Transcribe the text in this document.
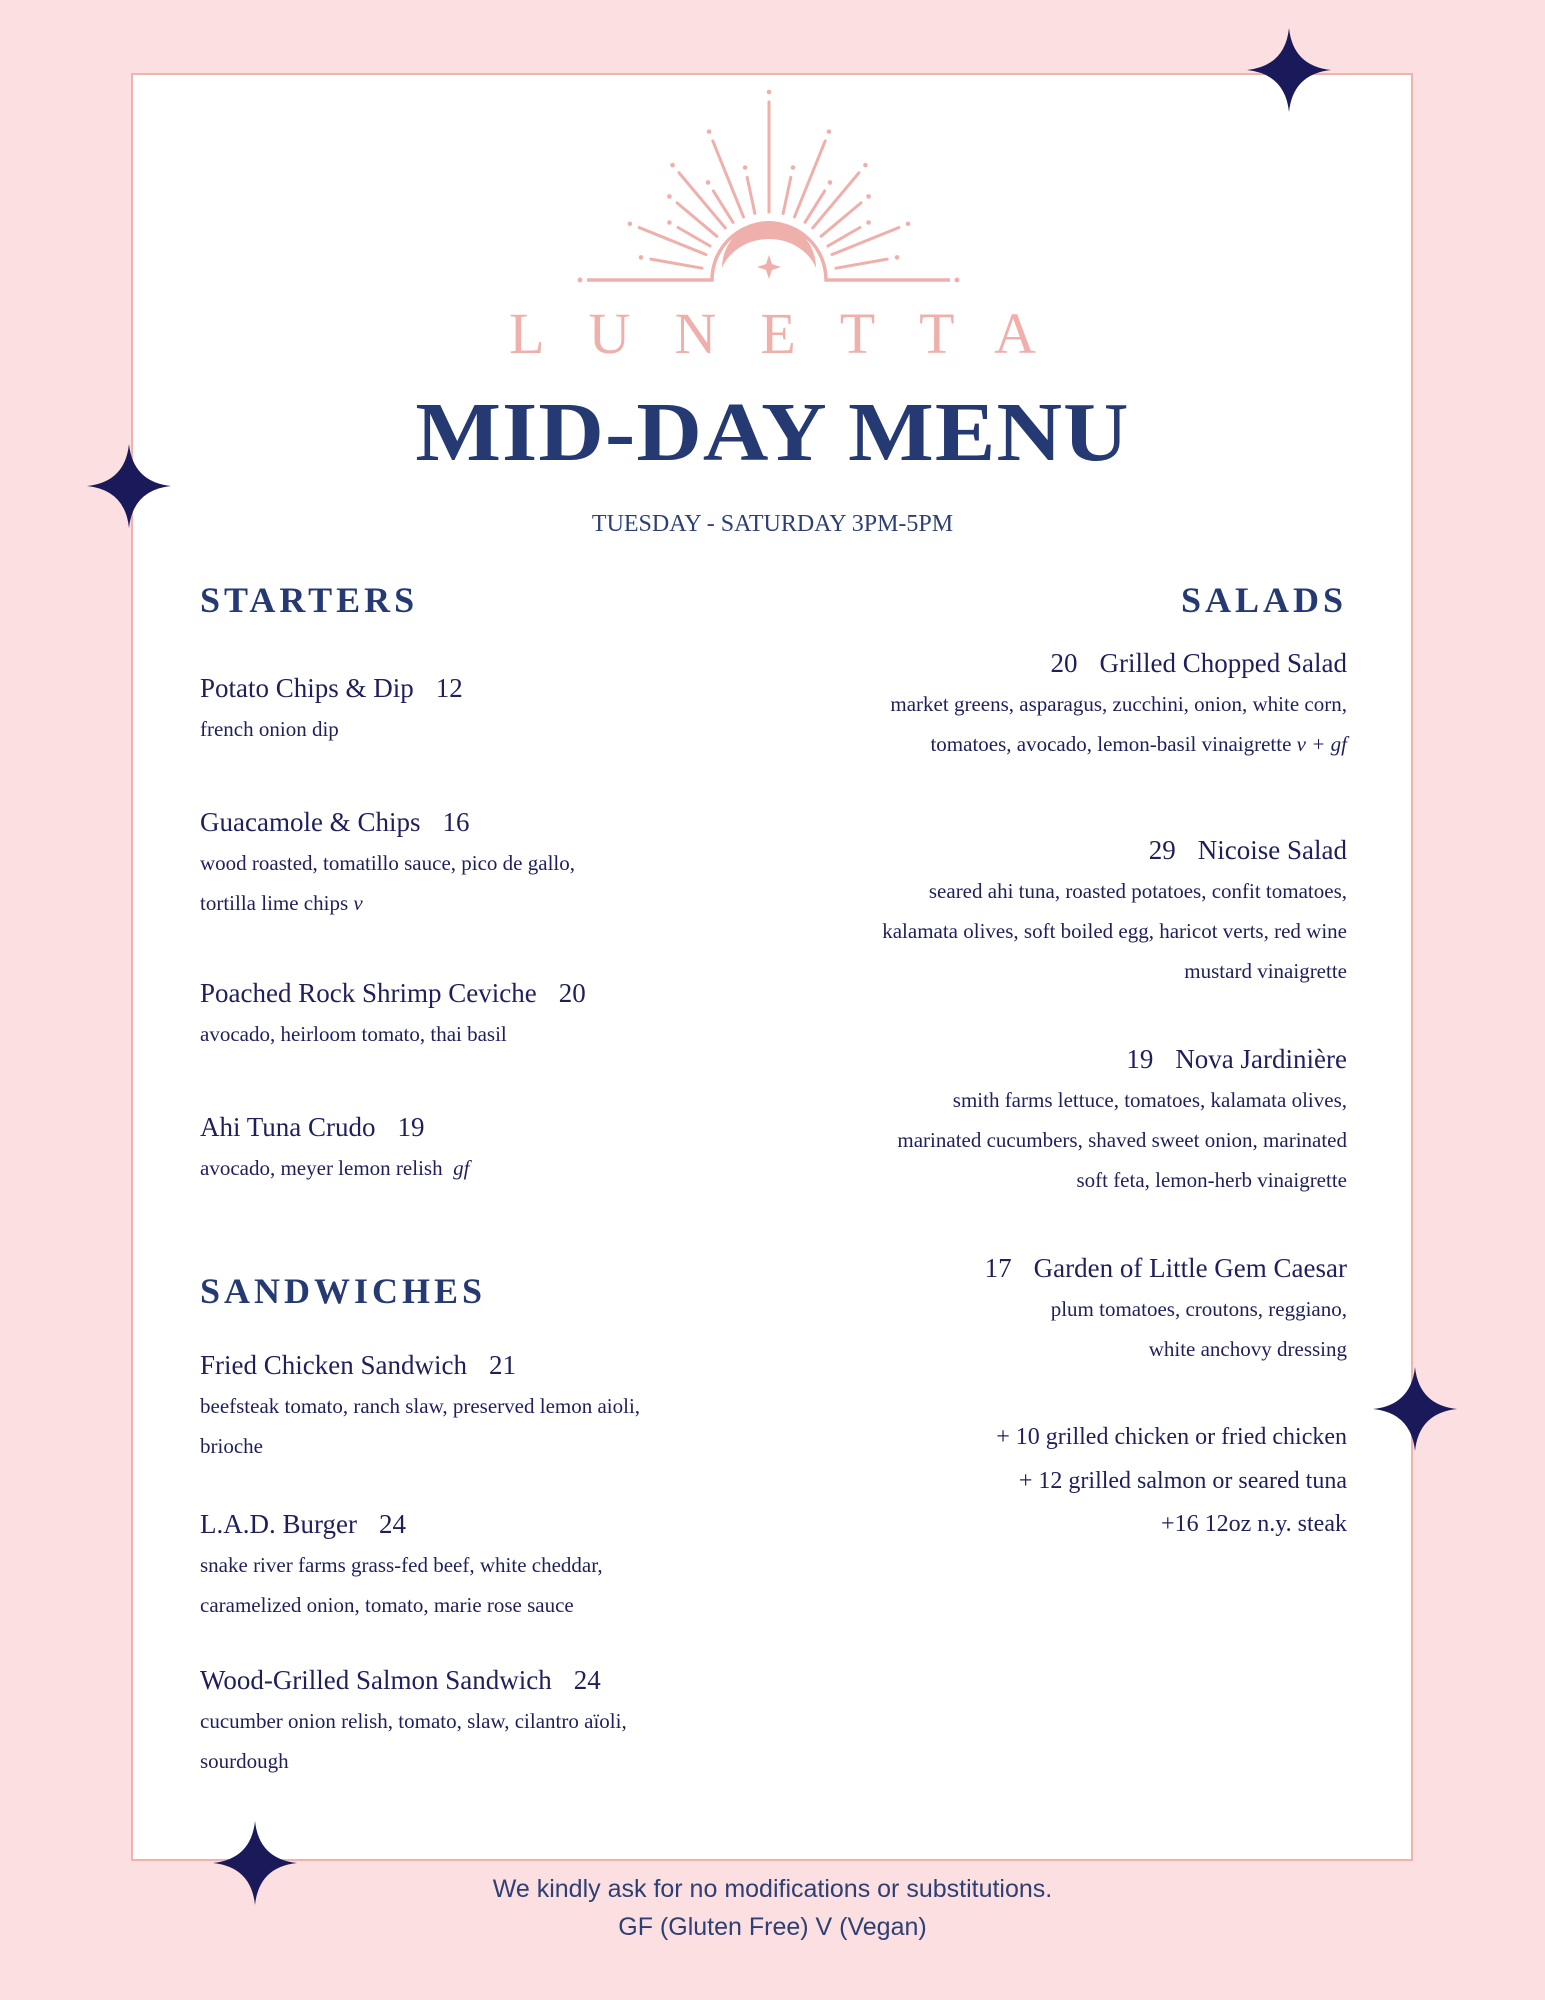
LUNETTA
MID-DAY MENU
TUESDAY - SATURDAY 3PM-5PM
STARTERS
Potato Chips & Dip 12
french onion dip
Guacamole & Chips 16
wood roasted, tomatillo sauce, pico de gallo,
tortilla lime chips v
Poached Rock Shrimp Ceviche 20
avocado, heirloom tomato, thai basil
Ahi Tuna Crudo 19
avocado, meyer lemon relish gf
SANDWICHES
Fried Chicken Sandwich 21
beefsteak tomato, ranch slaw, preserved lemon aioli,
brioche
L.A.D. Burger 24
snake river farms grass-fed beef, white cheddar,
caramelized onion, tomato, marie rose sauce
Wood-Grilled Salmon Sandwich 24
cucumber onion relish, tomato, slaw, cilantro aïoli,
sourdough
SALADS
20 Grilled Chopped Salad
market greens, asparagus, zucchini, onion, white corn,
tomatoes, avocado, lemon-basil vinaigrette v + gf
29 Nicoise Salad
seared ahi tuna, roasted potatoes, confit tomatoes,
kalamata olives, soft boiled egg, haricot verts, red wine
mustard vinaigrette
19 Nova Jardinière
smith farms lettuce, tomatoes, kalamata olives,
marinated cucumbers, shaved sweet onion, marinated
soft feta, lemon-herb vinaigrette
17 Garden of Little Gem Caesar
plum tomatoes, croutons, reggiano,
white anchovy dressing
+ 10 grilled chicken or fried chicken
+ 12 grilled salmon or seared tuna
+16 12oz n.y. steak
We kindly ask for no modifications or substitutions.
GF (Gluten Free) V (Vegan)
